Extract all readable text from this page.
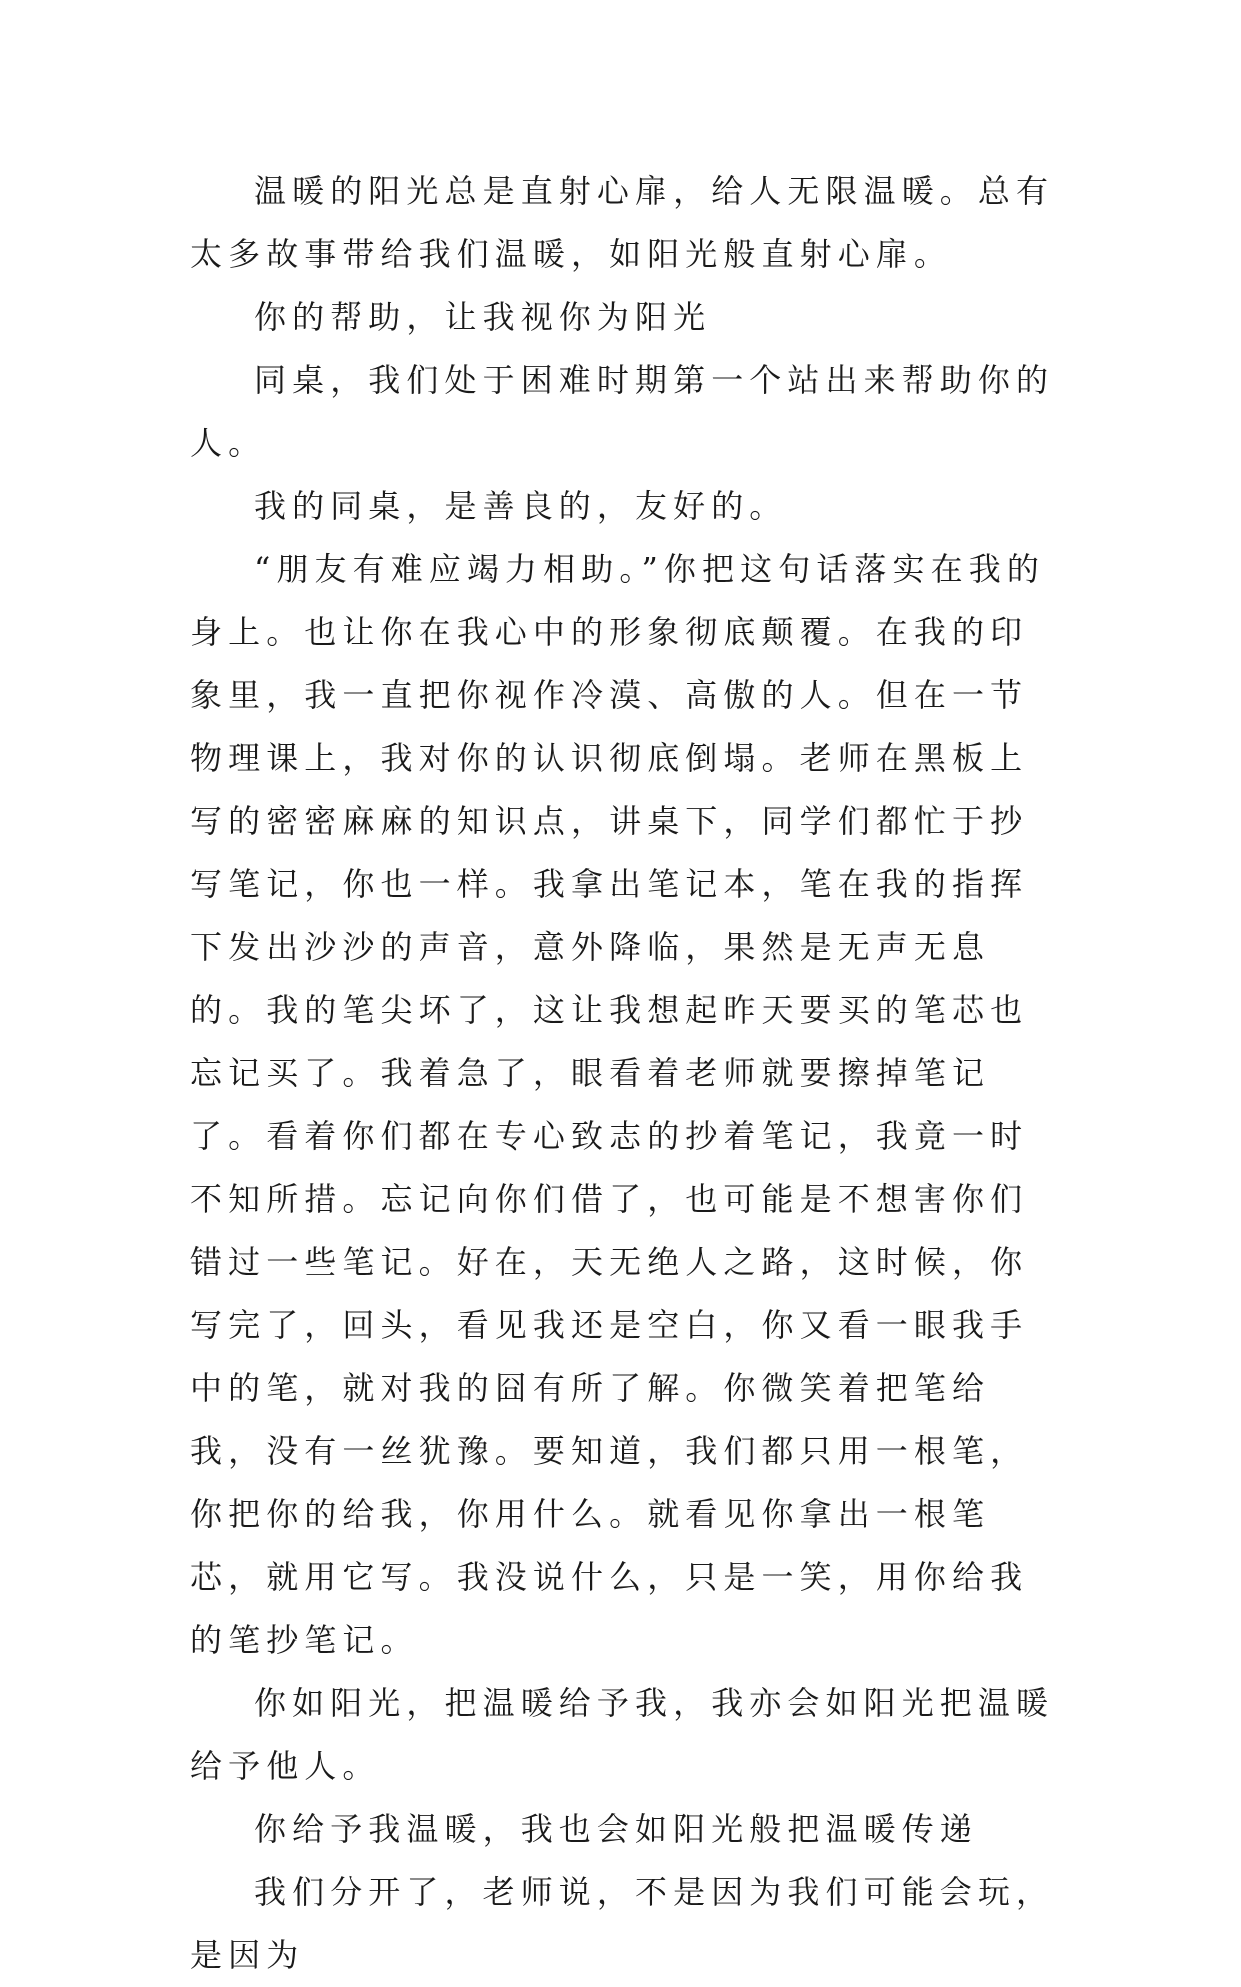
温暖的阳光总是直射心扉，给人无限温暖。总有太多故事带给我们温暖，如阳光般直射心扉。

你的帮助，让我视你为阳光

同桌，我们处于困难时期第一个站出来帮助你的人。

我的同桌，是善良的，友好的。

“朋友有难应竭力相助。”你把这句话落实在我的身上。也让你在我心中的形象彻底颠覆。在我的印象里，我一直把你视作冷漠、高傲的人。但在一节物理课上，我对你的认识彻底倒塌。老师在黑板上写的密密麻麻的知识点，讲桌下，同学们都忙于抄写笔记，你也一样。我拿出笔记本，笔在我的指挥下发出沙沙的声音，意外降临，果然是无声无息的。我的笔尖坏了，这让我想起昨天要买的笔芯也忘记买了。我着急了，眼看着老师就要擦掉笔记了。看着你们都在专心致志的抄着笔记，我竟一时不知所措。忘记向你们借了，也可能是不想害你们错过一些笔记。好在，天无绝人之路，这时候，你写完了，回头，看见我还是空白，你又看一眼我手中的笔，就对我的囧有所了解。你微笑着把笔给我，没有一丝犹豫。要知道，我们都只用一根笔，你把你的给我，你用什么。就看见你拿出一根笔芯，就用它写。我没说什么，只是一笑，用你给我的笔抄笔记。

你如阳光，把温暖给予我，我亦会如阳光把温暖给予他人。

你给予我温暖，我也会如阳光般把温暖传递

我们分开了，老师说，不是因为我们可能会玩，是因为
